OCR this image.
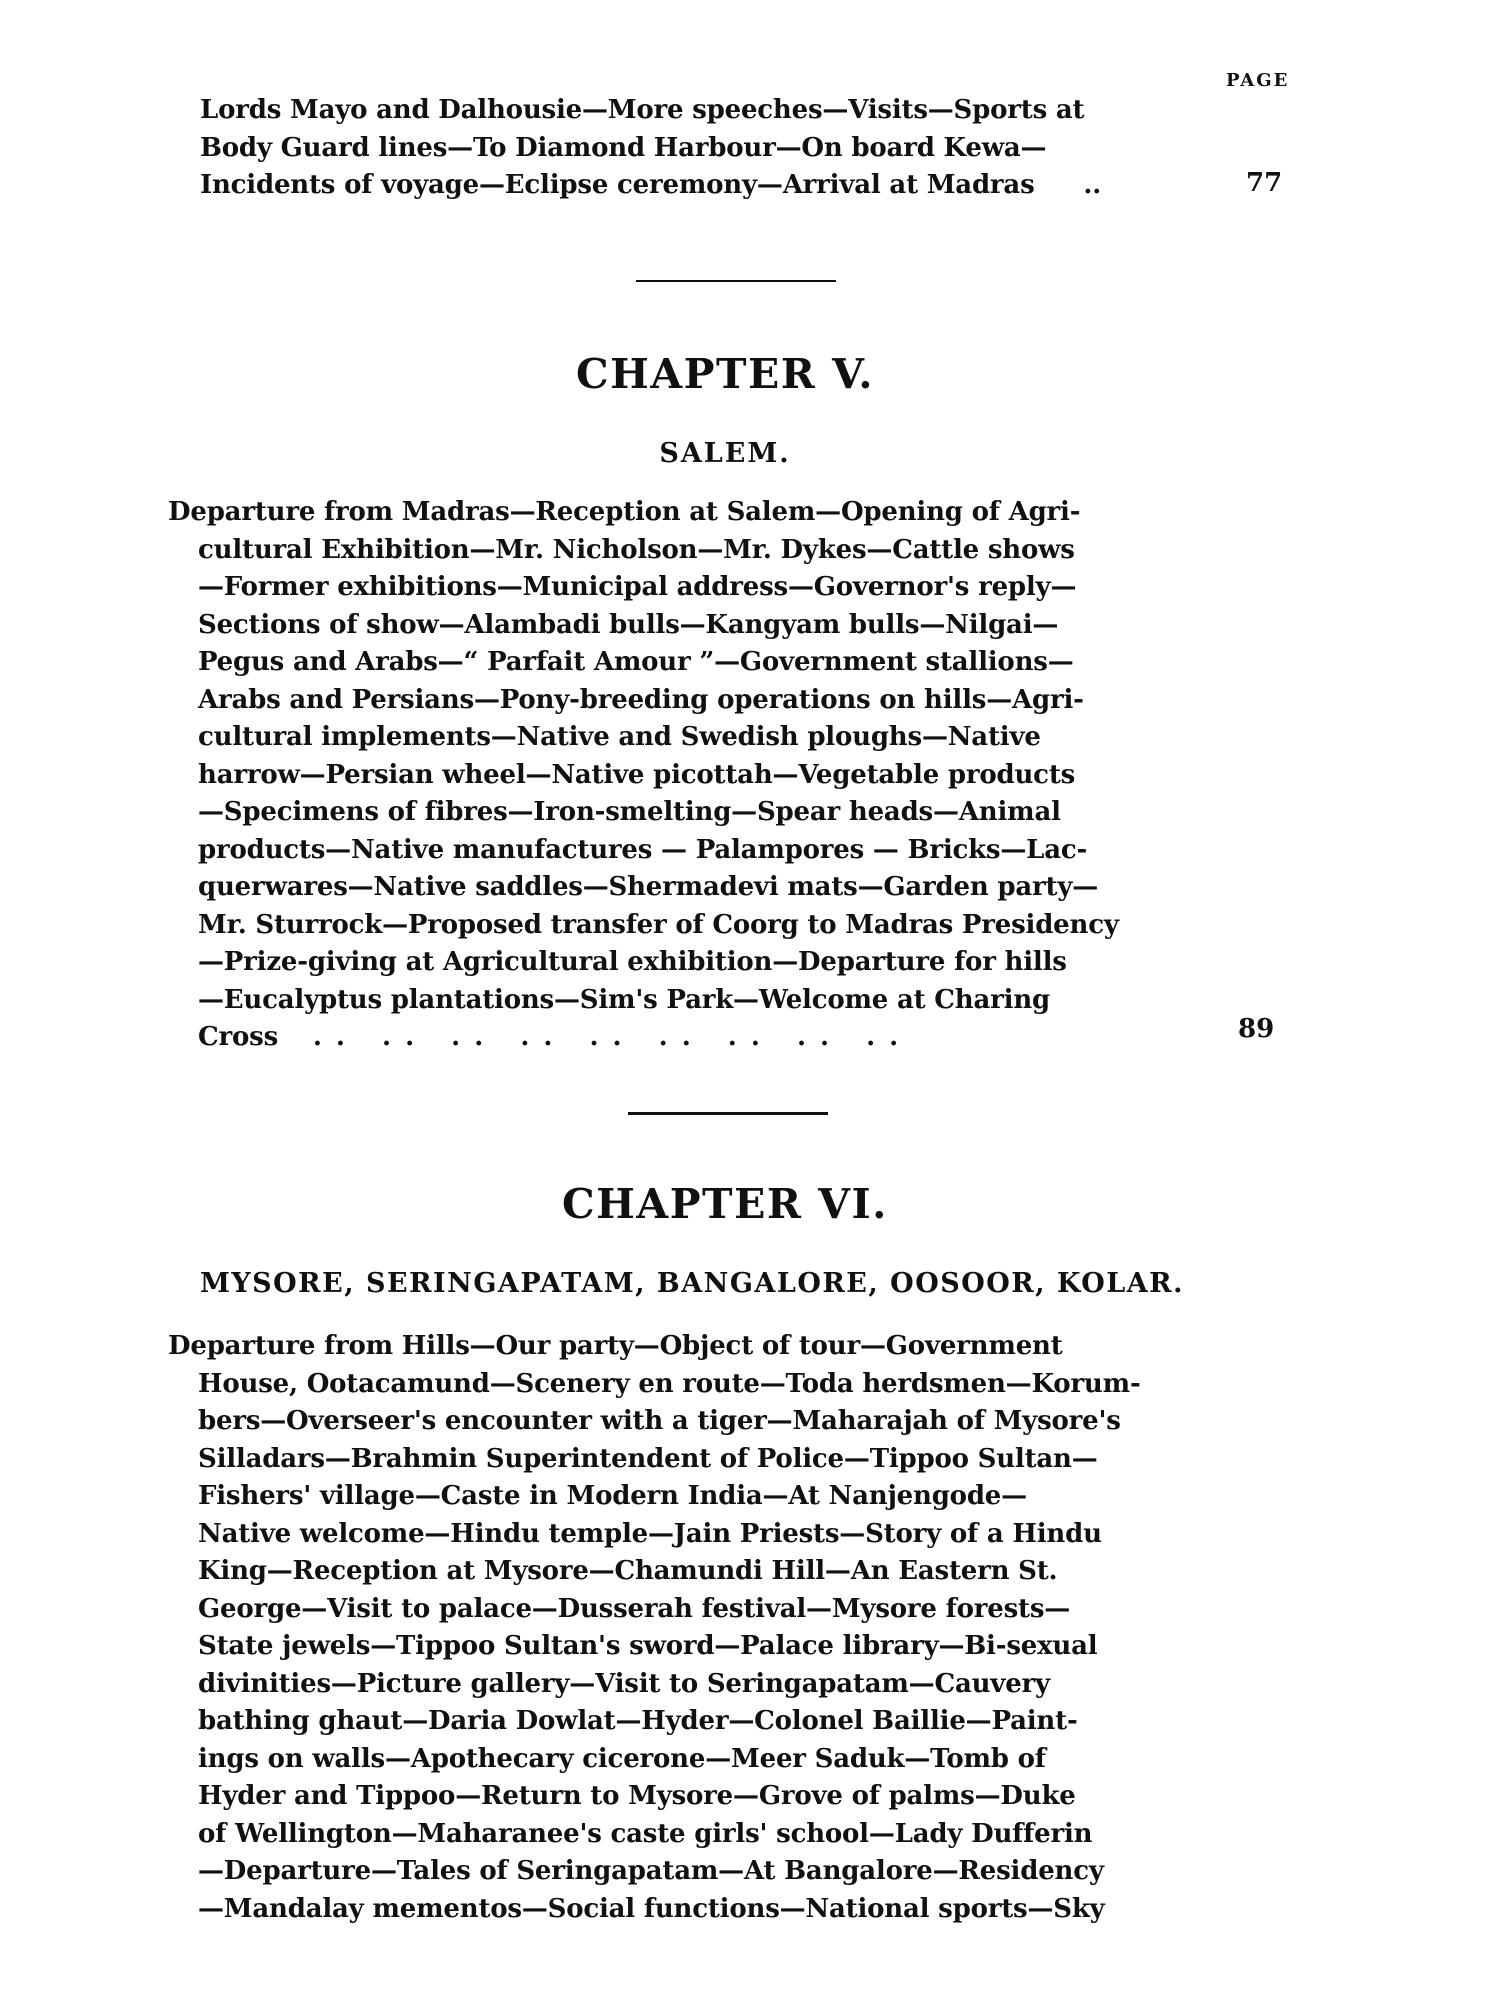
PAGE
Lords Mayo and Dalhousie—More speeches—Visits—Sports at
Body Guard lines—To Diamond Harbour—On board Kewa—
Incidents of voyage—Eclipse ceremony—Arrival at Madras ..	77
CHAPTER V.
SALEM.
Departure from Madras—Reception at Salem—Opening of Agri-
cultural Exhibition—Mr. Nicholson—Mr. Dykes—Cattle shows
—Former exhibitions—Municipal address—Governor's reply—
Sections of show—Alambadi bulls—Kangyam bulls—Nilgai—
Pegus and Arabs—“ Parfait Amour ”—Government stallions—
Arabs and Persians—Pony-breeding operations on hills—Agri-
cultural implements—Native and Swedish ploughs—Native
harrow—Persian wheel—Native picottah—Vegetable products
—Specimens of fibres—Iron-smelting—Spear heads—Animal
products—Native manufactures — Palampores — Bricks—Lac-
querwares—Native saddles—Shermadevi mats—Garden party—
Mr. Sturrock—Proposed transfer of Coorg to Madras Presidency
—Prize-giving at Agricultural exhibition—Departure for hills
—Eucalyptus plantations—Sim's Park—Welcome at Charing
Cross .. .. .. .. .. .. .. .. ..	89
CHAPTER VI.
MYSORE, SERINGAPATAM, BANGALORE, OOSOOR, KOLAR.
Departure from Hills—Our party—Object of tour—Government
House, Ootacamund—Scenery en route—Toda herdsmen—Korum-
bers—Overseer's encounter with a tiger—Maharajah of Mysore's
Silladars—Brahmin Superintendent of Police—Tippoo Sultan—
Fishers' village—Caste in Modern India—At Nanjengode—
Native welcome—Hindu temple—Jain Priests—Story of a Hindu
King—Reception at Mysore—Chamundi Hill—An Eastern St.
George—Visit to palace—Dusserah festival—Mysore forests—
State jewels—Tippoo Sultan's sword—Palace library—Bi-sexual
divinities—Picture gallery—Visit to Seringapatam—Cauvery
bathing ghaut—Daria Dowlat—Hyder—Colonel Baillie—Paint-
ings on walls—Apothecary cicerone—Meer Saduk—Tomb of
Hyder and Tippoo—Return to Mysore—Grove of palms—Duke
of Wellington—Maharanee's caste girls' school—Lady Dufferin
—Departure—Tales of Seringapatam—At Bangalore—Residency
—Mandalay mementos—Social functions—National sports—Sky
